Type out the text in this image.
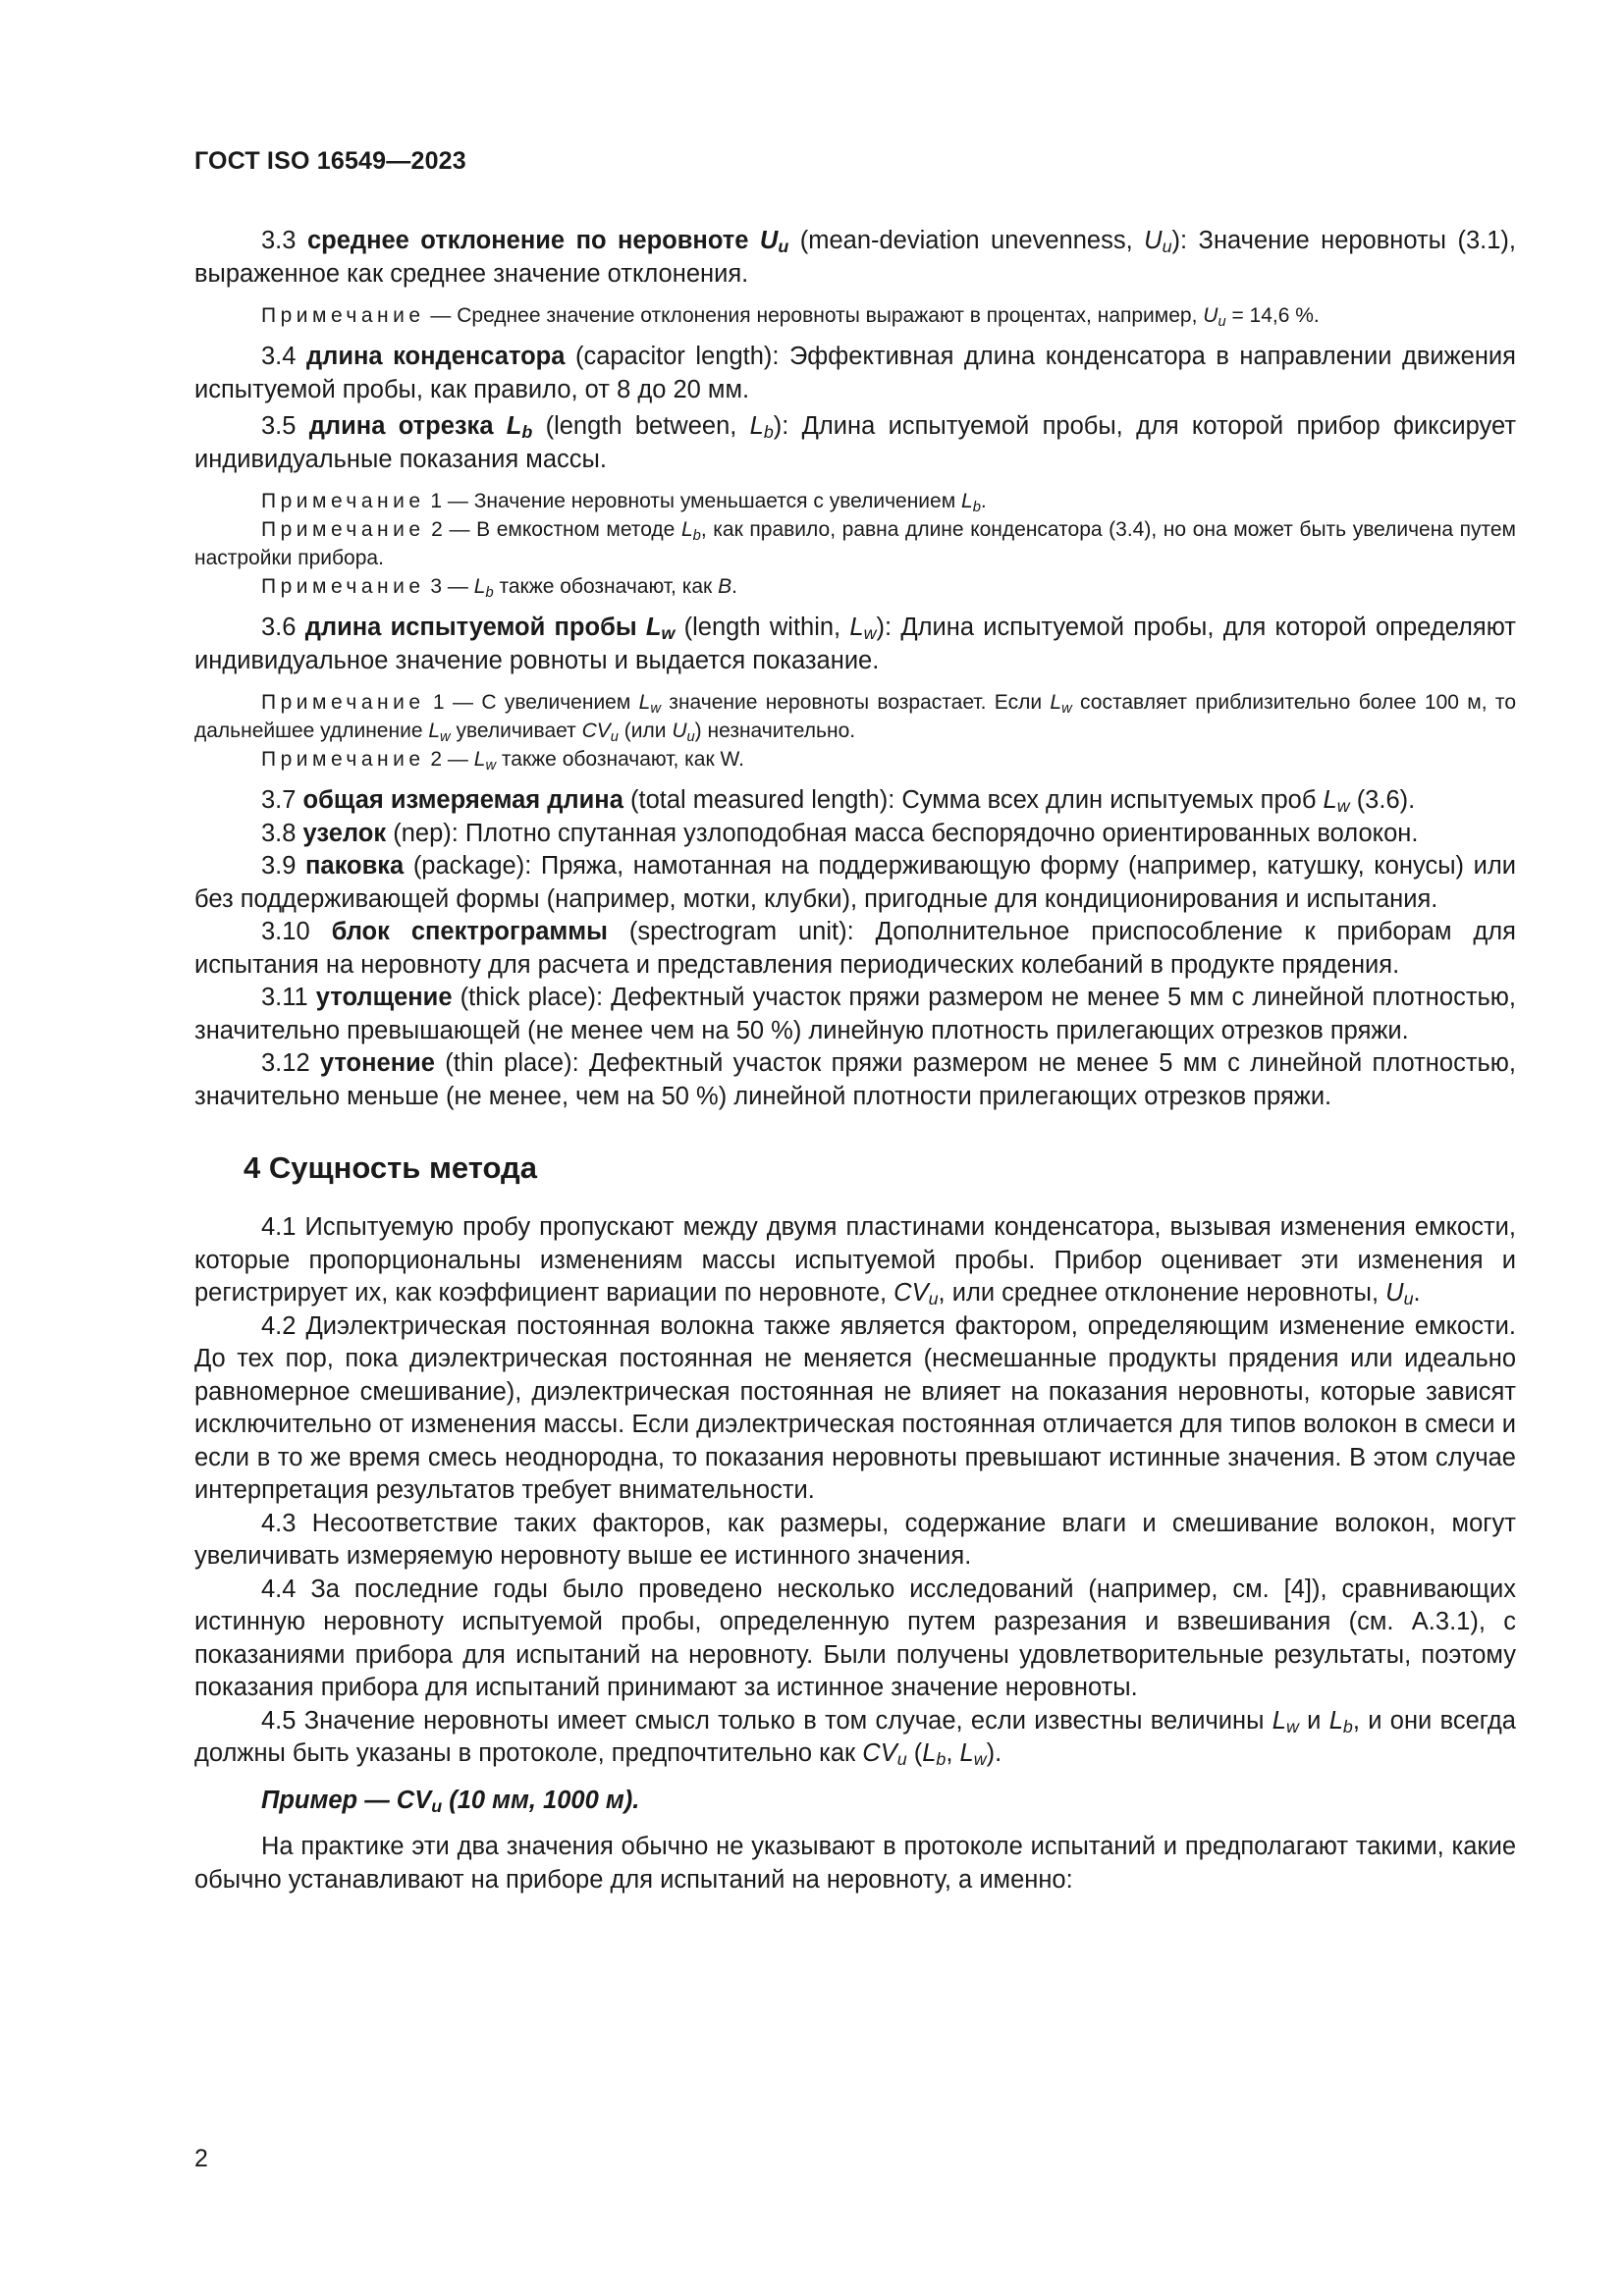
ГОСТ ISO 16549—2023

3.3 среднее отклонение по неровноте $U_u$ (mean-deviation unevenness, $U_u$): Значение неровноты (3.1), выраженное как среднее значение отклонения.

Примечание — Среднее значение отклонения неровноты выражают в процентах, например, $U_u = 14,6$ %.

3.4 длина конденсатора (capacitor length): Эффективная длина конденсатора в направлении движения испытуемой пробы, как правило, от 8 до 20 мм.

3.5 длина отрезка $L_b$ (length between, $L_b$): Длина испытуемой пробы, для которой прибор фиксирует индивидуальные показания массы.

Примечание 1 — Значение неровноты уменьшается с увеличением $L_b$.

Примечание 2 — В емкостном методе $L_b$, как правило, равна длине конденсатора (3.4), но она может быть увеличена путем настройки прибора.

Примечание 3 — $L_b$ также обозначают, как B.

3.6 длина испытуемой пробы $L_w$ (length within, $L_w$): Длина испытуемой пробы, для которой определяют индивидуальное значение ровноты и выдается показание.

Примечание 1 — С увеличением $L_w$ значение неровноты возрастает. Если $L_w$ составляет приблизительно более 100 м, то дальнейшее удлинение $L_w$ увеличивает $CV_u$ (или $U_u$) незначительно.

Примечание 2 — $L_w$ также обозначают, как W.

3.7 общая измеряемая длина (total measured length): Сумма всех длин испытуемых проб $L_w$ (3.6).

3.8 узелок (nep): Плотно спутанная узлоподобная масса беспорядочно ориентированных волокон.

3.9 паковка (package): Пряжа, намотанная на поддерживающую форму (например, катушку, конусы) или без поддерживающей формы (например, мотки, клубки), пригодные для кондиционирования и испытания.

3.10 блок спектрограммы (spectrogram unit): Дополнительное приспособление к приборам для испытания на неровноту для расчета и представления периодических колебаний в продукте прядения.

3.11 утолщение (thick place): Дефектный участок пряжи размером не менее 5 мм с линейной плотностью, значительно превышающей (не менее чем на 50 %) линейную плотность прилегающих отрезков пряжи.

3.12 утонение (thin place): Дефектный участок пряжи размером не менее 5 мм с линейной плотностью, значительно меньше (не менее, чем на 50 %) линейной плотности прилегающих отрезков пряжи.

4 Сущность метода

4.1 Испытуемую пробу пропускают между двумя пластинами конденсатора, вызывая изменения емкости, которые пропорциональны изменениям массы испытуемой пробы. Прибор оценивает эти изменения и регистрирует их, как коэффициент вариации по неровноте, $CV_u$, или среднее отклонение неровноты, $U_u$.

4.2 Диэлектрическая постоянная волокна также является фактором, определяющим изменение емкости. До тех пор, пока диэлектрическая постоянная не меняется (несмешанные продукты прядения или идеально равномерное смешивание), диэлектрическая постоянная не влияет на показания неровноты, которые зависят исключительно от изменения массы. Если диэлектрическая постоянная отличается для типов волокон в смеси и если в то же время смесь неоднородна, то показания неровноты превышают истинные значения. В этом случае интерпретация результатов требует внимательности.

4.3 Несоответствие таких факторов, как размеры, содержание влаги и смешивание волокон, могут увеличивать измеряемую неровноту выше ее истинного значения.

4.4 За последние годы было проведено несколько исследований (например, см. [4]), сравнивающих истинную неровноту испытуемой пробы, определенную путем разрезания и взвешивания (см. А.3.1), с показаниями прибора для испытаний на неровноту. Были получены удовлетворительные результаты, поэтому показания прибора для испытаний принимают за истинное значение неровноты.

4.5 Значение неровноты имеет смысл только в том случае, если известны величины $L_w$ и $L_b$, и они всегда должны быть указаны в протоколе, предпочтительно как $CV_u$ ($L_b$, $L_w$).

Пример — $CV_u$ (10 мм, 1000 м).

На практике эти два значения обычно не указывают в протоколе испытаний и предполагают такими, какие обычно устанавливают на приборе для испытаний на неровноту, а именно:

2
